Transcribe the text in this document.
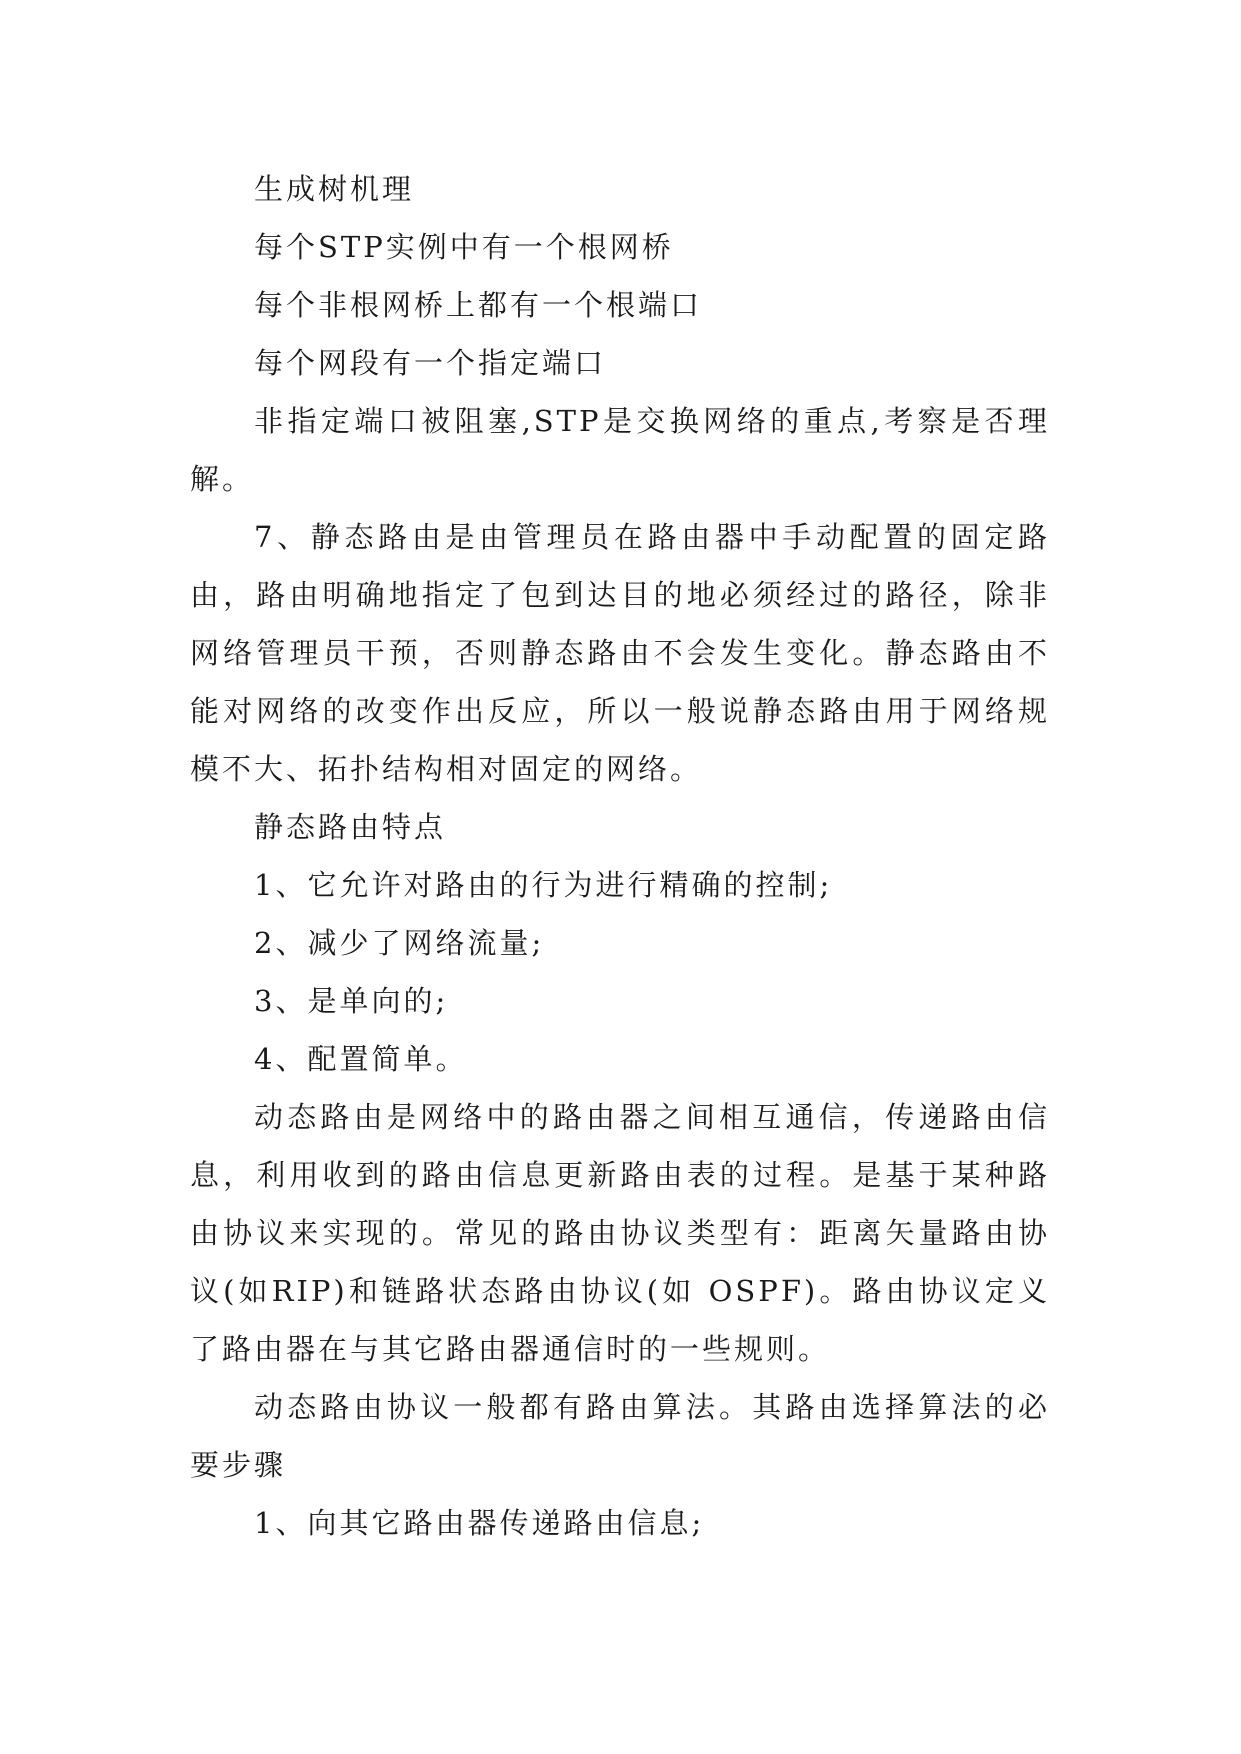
生成树机理

每个STP实例中有一个根网桥

每个非根网桥上都有一个根端口

每个网段有一个指定端口

非指定端口被阻塞,STP是交换网络的重点,考察是否理解。

7、静态路由是由管理员在路由器中手动配置的固定路由，路由明确地指定了包到达目的地必须经过的路径，除非网络管理员干预，否则静态路由不会发生变化。静态路由不能对网络的改变作出反应，所以一般说静态路由用于网络规模不大、拓扑结构相对固定的网络。

静态路由特点

1、它允许对路由的行为进行精确的控制;

2、减少了网络流量;

3、是单向的;

4、配置简单。

动态路由是网络中的路由器之间相互通信，传递路由信息，利用收到的路由信息更新路由表的过程。是基于某种路由协议来实现的。常见的路由协议类型有：距离矢量路由协议(如RIP)和链路状态路由协议(如 OSPF)。路由协议定义了路由器在与其它路由器通信时的一些规则。

动态路由协议一般都有路由算法。其路由选择算法的必要步骤

1、向其它路由器传递路由信息;
